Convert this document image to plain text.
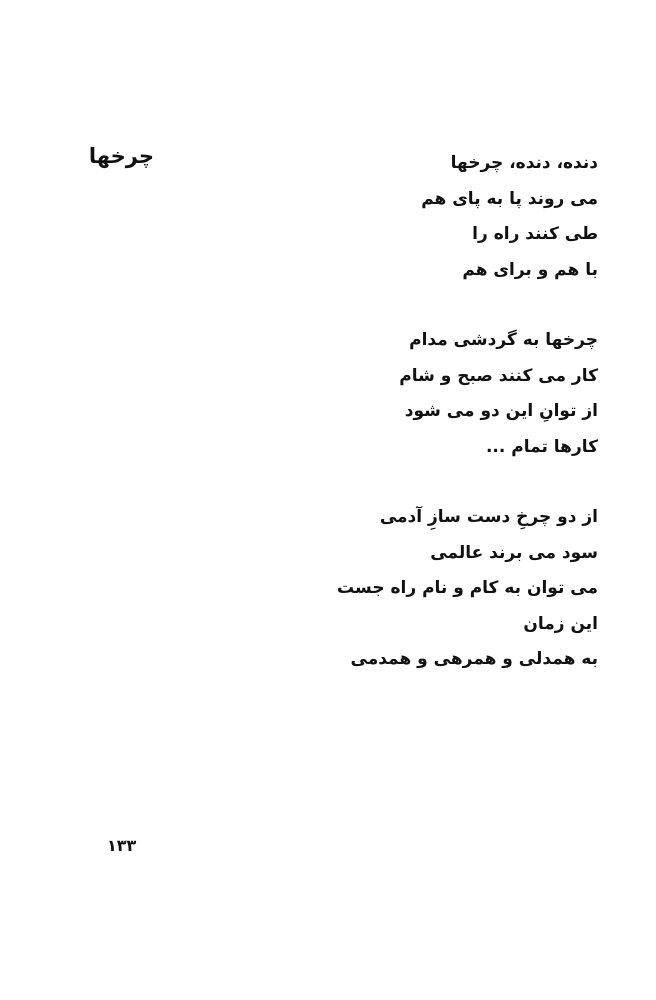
چرخها	دنده، دنده، چرخها
می روند پا به پای هم
طی کنند راه را
با هم و برای هم
چرخها به گردشی مدام
کار می کنند صبح و شام
از توانِ این دو می شود
کارها تمام ...
از دو چرخِ دست سازِ آدمی
سود می برند عالمی
می توان به کام و نام راه جست
این زمان
به همدلی و همرهی و همدمی
۱۳۳
